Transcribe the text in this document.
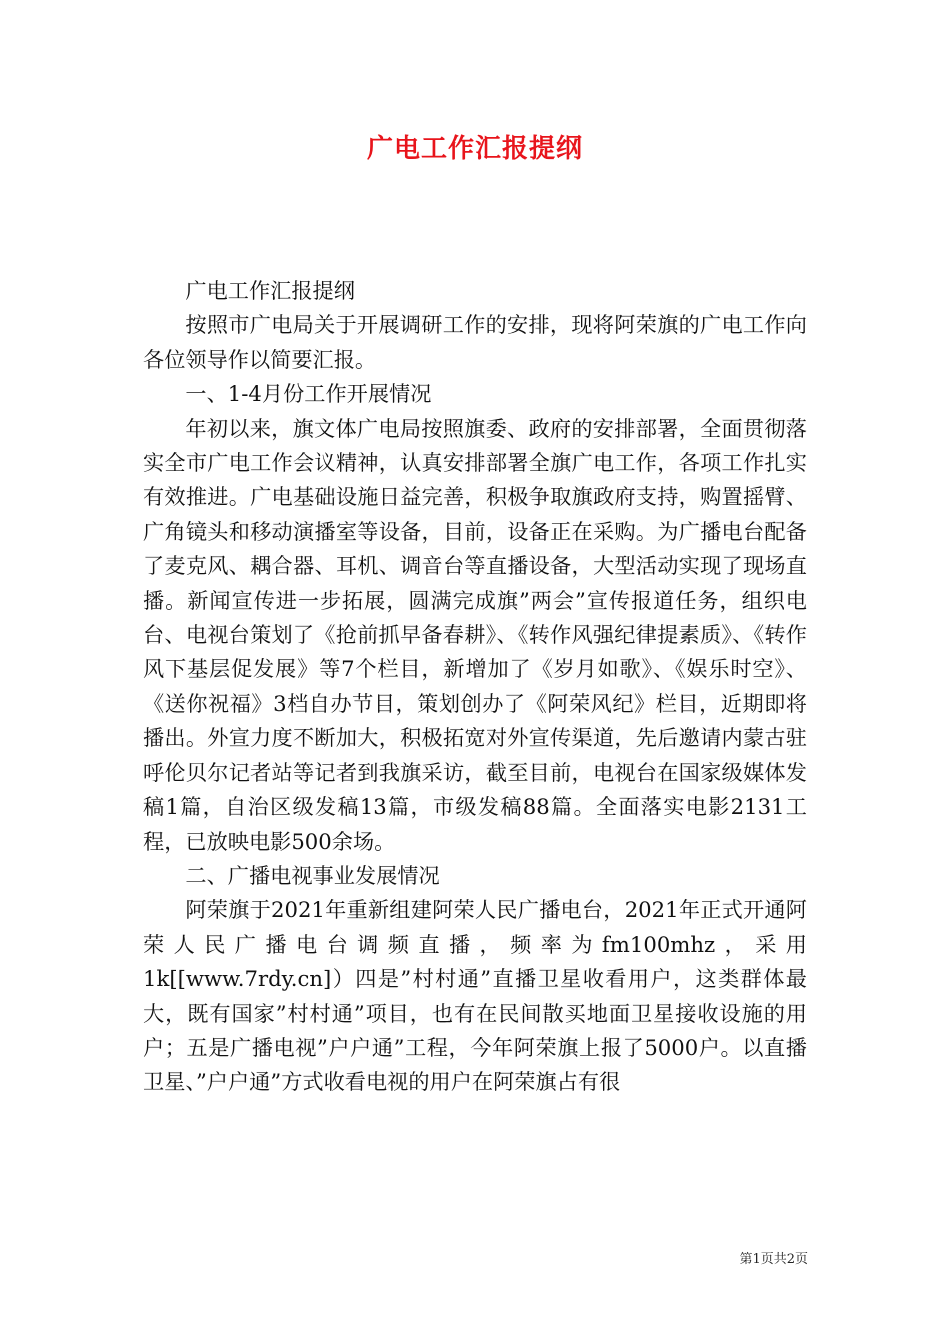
广电工作汇报提纲

广电工作汇报提纲

按照市广电局关于开展调研工作的安排，现将阿荣旗的广电工作向各位领导作以简要汇报。

一、1-4月份工作开展情况

年初以来，旗文体广电局按照旗委、政府的安排部署，全面贯彻落实全市广电工作会议精神，认真安排部署全旗广电工作，各项工作扎实有效推进。广电基础设施日益完善，积极争取旗政府支持，购置摇臂、广角镜头和移动演播室等设备，目前，设备正在采购。为广播电台配备了麦克风、耦合器、耳机、调音台等直播设备，大型活动实现了现场直播。新闻宣传进一步拓展，圆满完成旗”两会”宣传报道任务，组织电台、电视台策划了《抢前抓早备春耕》、《转作风强纪律提素质》、《转作风下基层促发展》等7个栏目，新增加了《岁月如歌》、《娱乐时空》、《送你祝福》3档自办节目，策划创办了《阿荣风纪》栏目，近期即将播出。外宣力度不断加大，积极拓宽对外宣传渠道，先后邀请内蒙古驻呼伦贝尔记者站等记者到我旗采访，截至目前，电视台在国家级媒体发稿1篇，自治区级发稿13篇，市级发稿88篇。全面落实电影2131工程，已放映电影500余场。

二、广播电视事业发展情况

阿荣旗于2021年重新组建阿荣人民广播电台，2021年正式开通阿荣人民广播电台调频直播，频率为fm100mhz，采用1k[[www.7rdy.cn]）四是”村村通”直播卫星收看用户，这类群体最大，既有国家”村村通”项目，也有在民间散买地面卫星接收设施的用户；五是广播电视”户户通”工程，今年阿荣旗上报了5000户。以直播卫星、”户户通”方式收看电视的用户在阿荣旗占有很

第1页共2页
